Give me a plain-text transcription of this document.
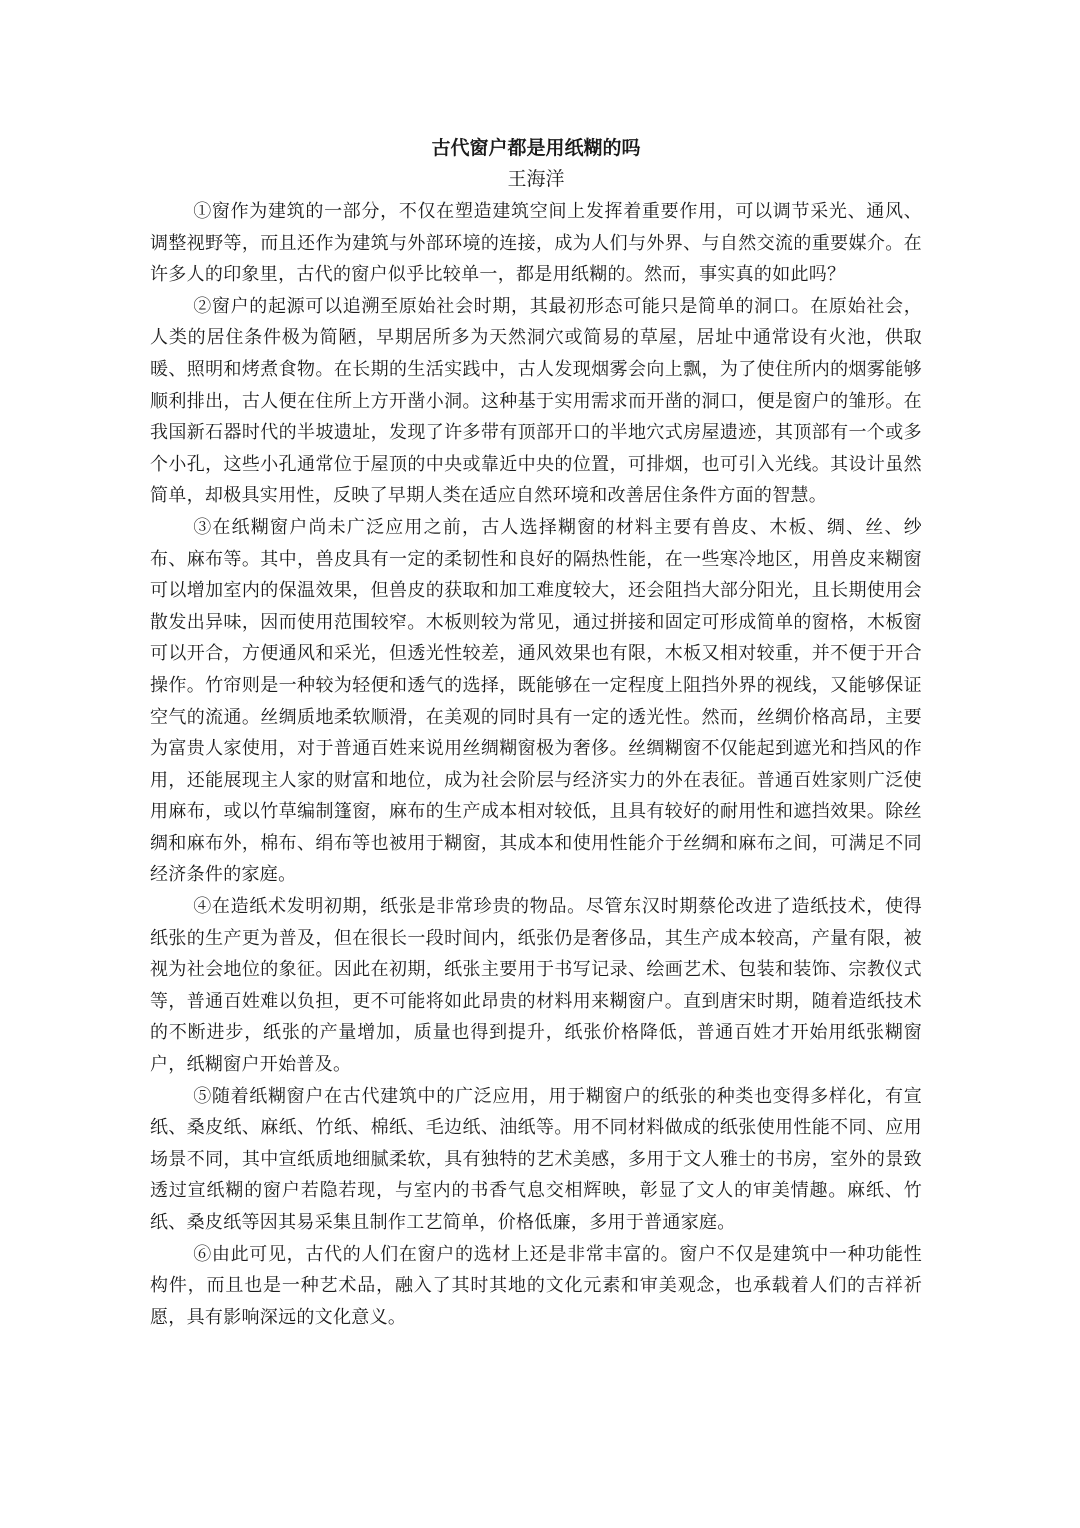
古代窗户都是用纸糊的吗
王海洋

①窗作为建筑的一部分，不仅在塑造建筑空间上发挥着重要作用，可以调节采光、通风、调整视野等，而且还作为建筑与外部环境的连接，成为人们与外界、与自然交流的重要媒介。在许多人的印象里，古代的窗户似乎比较单一，都是用纸糊的。然而，事实真的如此吗？

②窗户的起源可以追溯至原始社会时期，其最初形态可能只是简单的洞口。在原始社会，人类的居住条件极为简陋，早期居所多为天然洞穴或简易的草屋，居址中通常设有火池，供取暖、照明和烤煮食物。在长期的生活实践中，古人发现烟雾会向上飘，为了使住所内的烟雾能够顺利排出，古人便在住所上方开凿小洞。这种基于实用需求而开凿的洞口，便是窗户的雏形。在我国新石器时代的半坡遗址，发现了许多带有顶部开口的半地穴式房屋遗迹，其顶部有一个或多个小孔，这些小孔通常位于屋顶的中央或靠近中央的位置，可排烟，也可引入光线。其设计虽然简单，却极具实用性，反映了早期人类在适应自然环境和改善居住条件方面的智慧。

③在纸糊窗户尚未广泛应用之前，古人选择糊窗的材料主要有兽皮、木板、绸、丝、纱布、麻布等。其中，兽皮具有一定的柔韧性和良好的隔热性能，在一些寒冷地区，用兽皮来糊窗可以增加室内的保温效果，但兽皮的获取和加工难度较大，还会阻挡大部分阳光，且长期使用会散发出异味，因而使用范围较窄。木板则较为常见，通过拼接和固定可形成简单的窗格，木板窗可以开合，方便通风和采光，但透光性较差，通风效果也有限，木板又相对较重，并不便于开合操作。竹帘则是一种较为轻便和透气的选择，既能够在一定程度上阻挡外界的视线，又能够保证空气的流通。丝绸质地柔软顺滑，在美观的同时具有一定的透光性。然而，丝绸价格高昂，主要为富贵人家使用，对于普通百姓来说用丝绸糊窗极为奢侈。丝绸糊窗不仅能起到遮光和挡风的作用，还能展现主人家的财富和地位，成为社会阶层与经济实力的外在表征。普通百姓家则广泛使用麻布，或以竹草编制篷窗，麻布的生产成本相对较低，且具有较好的耐用性和遮挡效果。除丝绸和麻布外，棉布、绢布等也被用于糊窗，其成本和使用性能介于丝绸和麻布之间，可满足不同经济条件的家庭。

④在造纸术发明初期，纸张是非常珍贵的物品。尽管东汉时期蔡伦改进了造纸技术，使得纸张的生产更为普及，但在很长一段时间内，纸张仍是奢侈品，其生产成本较高，产量有限，被视为社会地位的象征。因此在初期，纸张主要用于书写记录、绘画艺术、包装和装饰、宗教仪式等，普通百姓难以负担，更不可能将如此昂贵的材料用来糊窗户。直到唐宋时期，随着造纸技术的不断进步，纸张的产量增加，质量也得到提升，纸张价格降低，普通百姓才开始用纸张糊窗户，纸糊窗户开始普及。

⑤随着纸糊窗户在古代建筑中的广泛应用，用于糊窗户的纸张的种类也变得多样化，有宣纸、桑皮纸、麻纸、竹纸、棉纸、毛边纸、油纸等。用不同材料做成的纸张使用性能不同、应用场景不同，其中宣纸质地细腻柔软，具有独特的艺术美感，多用于文人雅士的书房，室外的景致透过宣纸糊的窗户若隐若现，与室内的书香气息交相辉映，彰显了文人的审美情趣。麻纸、竹纸、桑皮纸等因其易采集且制作工艺简单，价格低廉，多用于普通家庭。

⑥由此可见，古代的人们在窗户的选材上还是非常丰富的。窗户不仅是建筑中一种功能性构件，而且也是一种艺术品，融入了其时其地的文化元素和审美观念，也承载着人们的吉祥祈愿，具有影响深远的文化意义。
